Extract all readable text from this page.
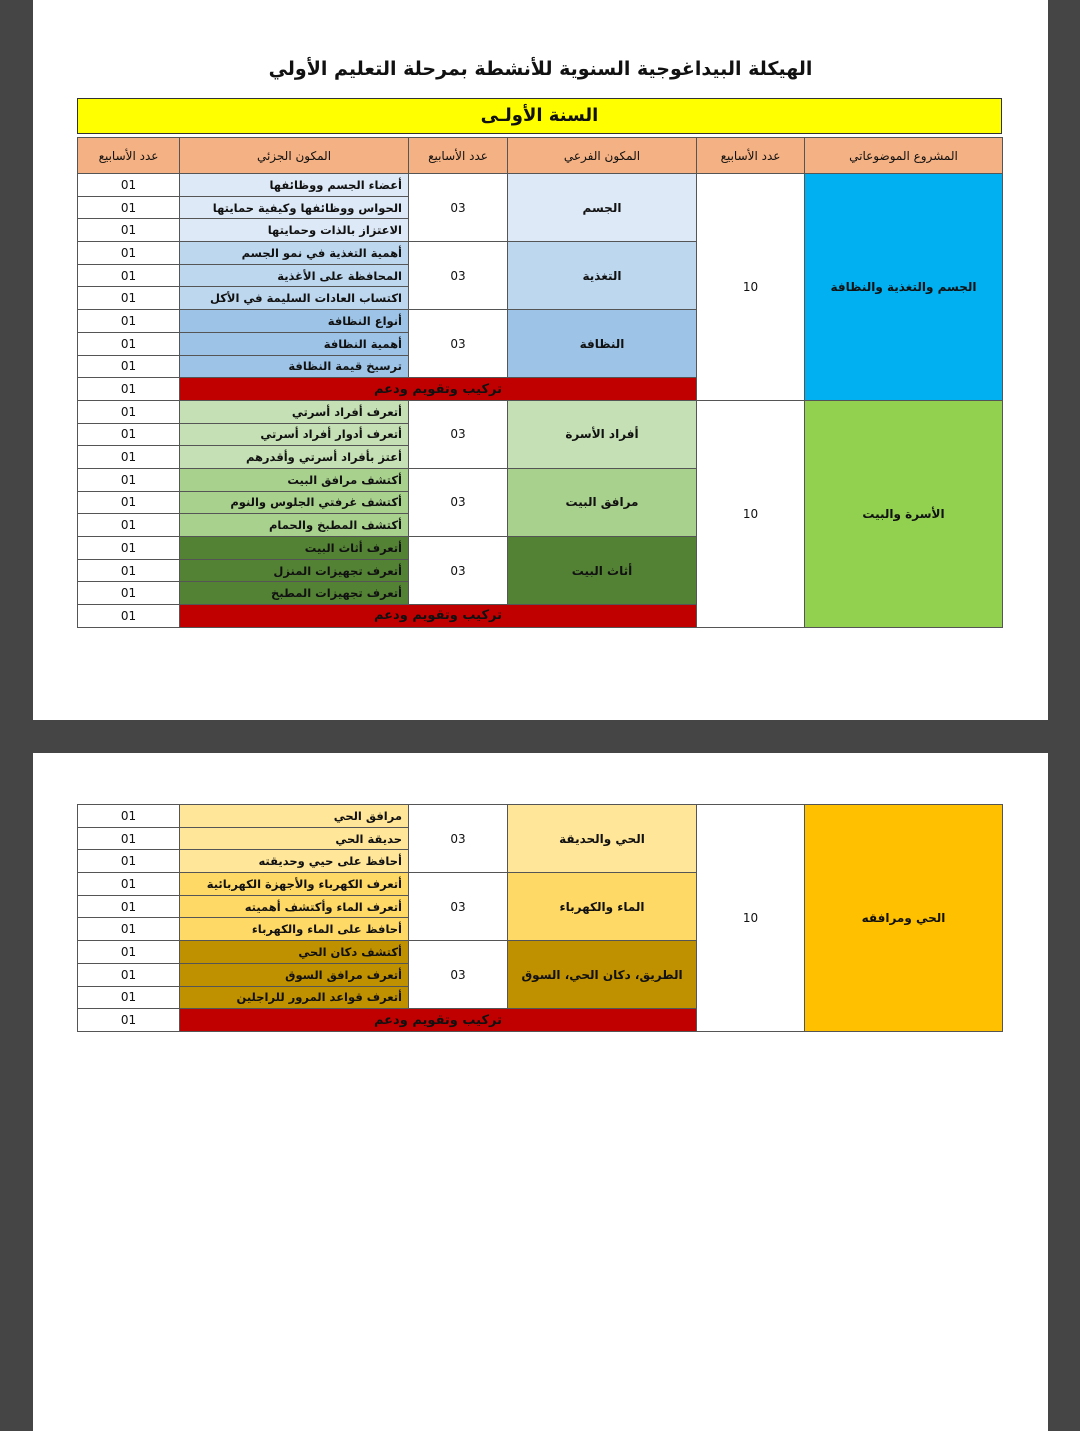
الهيكلة البيداغوجية السنوية للأنشطة بمرحلة التعليم الأولي
السنة الأولـى
المشروع الموضوعاتي	عدد الأسابيع	المكون الفرعي	عدد الأسابيع	المكون الجزئي	عدد الأسابيع
الجسم والتغذية والنظافة	10	الجسم	03	أعضاء الجسم ووظائفها	01
				الحواس ووظائفها وكيفية حمايتها	01
				الاعتزاز بالذات وحمايتها	01
		التغذية	03	أهمية التغذية في نمو الجسم	01
				المحافظة على الأغذية	01
				اكتساب العادات السليمة في الأكل	01
		النظافة	03	أنواع النظافة	01
				أهمية النظافة	01
				ترسيخ قيمة النظافة	01
		تركيب وتقويم ودعم			01
الأسرة والبيت	10	أفراد الأسرة	03	أتعرف أفراد أسرتي	01
				أتعرف أدوار أفراد أسرتي	01
				أعتز بأفراد أسرتي وأقدرهم	01
		مرافق البيت	03	أكتشف مرافق البيت	01
				أكتشف غرفتي الجلوس والنوم	01
				أكتشف المطبخ والحمام	01
		أثاث البيت	03	أتعرف أثاث البيت	01
				أتعرف تجهيزات المنزل	01
				أتعرف تجهيزات المطبخ	01
		تركيب وتقويم ودعم			01
الحي ومرافقه	10	الحي والحديقة	03	مرافق الحي	01
				حديقة الحي	01
				أحافظ على حيي وحديقته	01
		الماء والكهرباء	03	أتعرف الكهرباء والأجهزة الكهربائية	01
				أتعرف الماء وأكتشف أهميته	01
				أحافظ على الماء والكهرباء	01
		الطريق، دكان الحي، السوق	03	أكتشف دكان الحي	01
				أتعرف مرافق السوق	01
				أتعرف قواعد المرور للراجلين	01
		تركيب وتقويم ودعم			01
